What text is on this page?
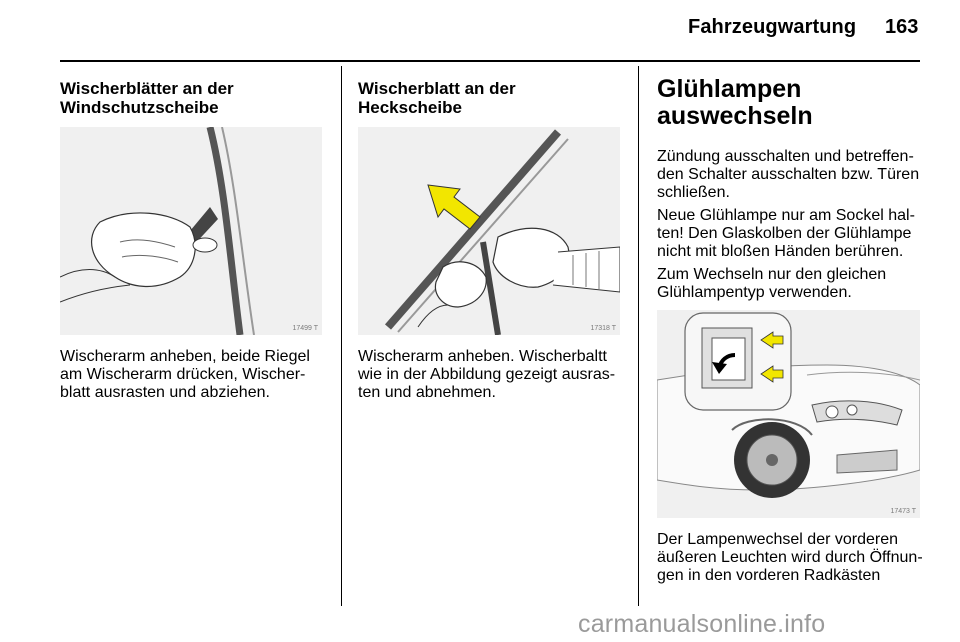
Fahrzeugwartung 163
Wischerblätter an der
Windschutzscheibe
17499 T
Wischerarm anheben, beide Riegel
am Wischerarm drücken, Wischer-
blatt ausrasten und abziehen.
Wischerblatt an der
Heckscheibe
17318 T
Wischerarm anheben. Wischerbaltt
wie in der Abbildung gezeigt ausras-
ten und abnehmen.
Glühlampen
auswechseln
Zündung ausschalten und betreffen-
den Schalter ausschalten bzw. Türen
schließen.
Neue Glühlampe nur am Sockel hal-
ten! Den Glaskolben der Glühlampe
nicht mit bloßen Händen berühren.
Zum Wechseln nur den gleichen
Glühlampentyp verwenden.
17473 T
Der Lampenwechsel der vorderen
äußeren Leuchten wird durch Öffnun-
gen in den vorderen Radkästen
carmanualsonline.info
